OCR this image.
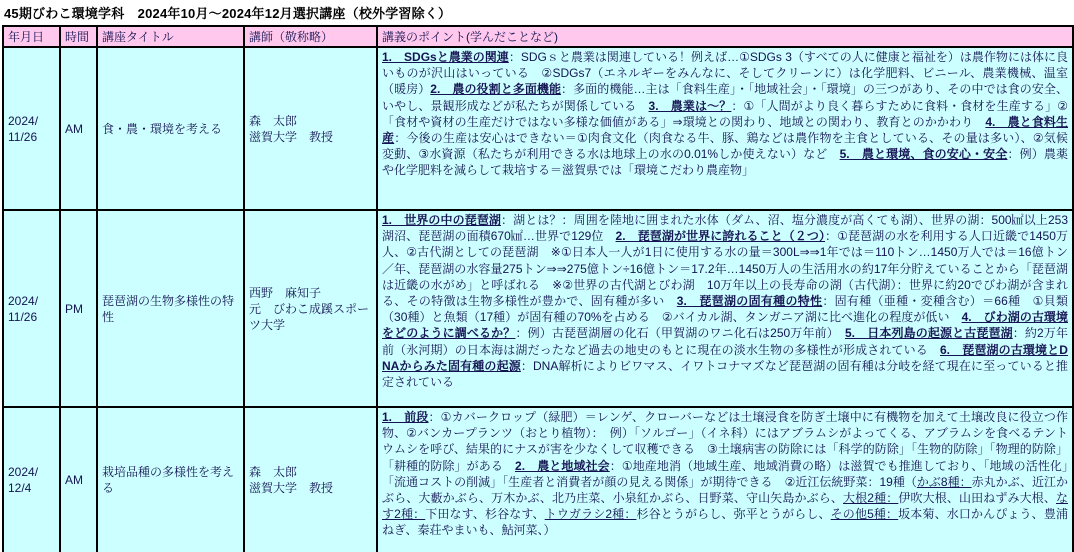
45期びわこ環境学科　2024年10月～2024年12月選択講座（校外学習除く）
年月日	時間	講座タイトル	講師（敬称略）	講義のポイント(学んだことなど)

2024/
11/26
	AM	食・農・環境を考える	
森　太郎
滋賀大学　教授
	1.　SDGsと農業の関連：SDGｓと農業は関連している！例えば…①SDGs 3（すべての人に健康と福祉を）は農作物には体に良いものが沢山はいっている　②SDGs7（エネルギーをみんなに、そしてクリーンに）は化学肥料、ビニール、農業機械、温室（暖房）2.　農の役割と多面機能：多面的機能…主は「食料生産」・「地域社会」・「環境」の三つがあり、その中では食の安全、いやし、景観形成などが私たちが関係している　3.　農業は～？：①「人間がより良く暮らすために食料・食材を生産する」②「食材や資材の生産だけではない多様な価値がある」⇒環境との関わり、地域との関わり、教育とのかかわり　4.　農と食料生産：今後の生産は安心はできない＝①肉食文化（肉食なる牛、豚、鶏などは農作物を主食としている、その量は多い）、②気候変動、③水資源（私たちが利用できる水は地球上の水の0.01%しか使えない）など　5.　農と環境、食の安心・安全：例）農薬や化学肥料を減らして栽培する＝滋賀県では「環境こだわり農産物」

2024/
11/26
	PM	琵琶湖の生物多様性の特性	
西野　麻知子
元　びわこ成蹊スポーツ大学
	1.　世界の中の琵琶湖：湖とは？：周囲を陸地に囲まれた水体（ダム、沼、塩分濃度が高くても湖）、世界の湖：500㎢以上253湖沼、琵琶湖の面積670㎢…世界で129位　2.　琵琶湖が世界に誇れること（２つ）：①琵琶湖の水を利用する人口近畿で1450万人、②古代湖としての琵琶湖　※①日本人一人が1日に使用する水の量＝300L⇒⇒1年では＝110トン…1450万人では＝16億トン／年、琵琶湖の水容量275トン⇒⇒275億トン÷16億トン＝17.2年…1450万人の生活用水の約17年分貯えていることから「琵琶湖は近畿の水がめ」と呼ばれる　※②世界の古代湖とびわ湖　10万年以上の長寿命の湖（古代湖）：世界に約20でびわ湖が含まれる、その特徴は生物多様性が豊かで、固有種が多い　3.　琵琶湖の固有種の特性：固有種（亜種・変種含む）＝66種　①貝類（30種）と魚類（17種）が固有種の70%を占める　②バイカル湖、タンガニア湖に比べ進化の程度が低い　4.　びわ湖の古環境をどのように調べるか？：例）古琵琶湖層の化石（甲賀湖のワニ化石は250万年前）　5.　日本列島の起源と古琵琶湖：約2万年前（氷河期）の日本海は湖だったなど過去の地史のもとに現在の淡水生物の多様性が形成されている　6.　琵琶湖の古環境とDNAからみた固有種の起源：DNA解析によりビワマス、イワトコナマズなど琵琶湖の固有種は分岐を経て現在に至っていると推定されている

2024/
12/4
	AM	栽培品種の多様性を考える	
森　太郎
滋賀大学　教授
	1.　前段：①カバークロップ（緑肥）＝レンゲ、クローバーなどは土壌浸食を防ぎ土壌中に有機物を加えて土壌改良に役立つ作物、②バンカープランツ（おとり植物）：　例）「ソルゴー」（イネ科）にはアブラムシがよってくる、アブラムシを食べるテントウムシを呼び、結果的にナスが害を少なくして収穫できる　③土壌病害の防除には「科学的防除」「生物的防除」「物理的防除」「耕種的防除」がある　2.　農と地域社会：①地産地消（地域生産、地域消費の略）は滋賀でも推進しており、「地域の活性化」「流通コストの削減」「生産者と消費者が顔の見える関係」が期待できる　②近江伝統野菜：19種（かぶ8種：赤丸かぶ、近江かぶら、大藪かぶら、万木かぶ、北乃庄菜、小泉紅かぶら、日野菜、守山矢島かぶら、大根2種：伊吹大根、山田ねずみ大根、なす2種：下田なす、杉谷なす、トウガラシ2種：杉谷とうがらし、弥平とうがらし、その他5種：坂本菊、水口かんぴょう、豊浦ねぎ、秦荘やまいも、鮎河菜、）
